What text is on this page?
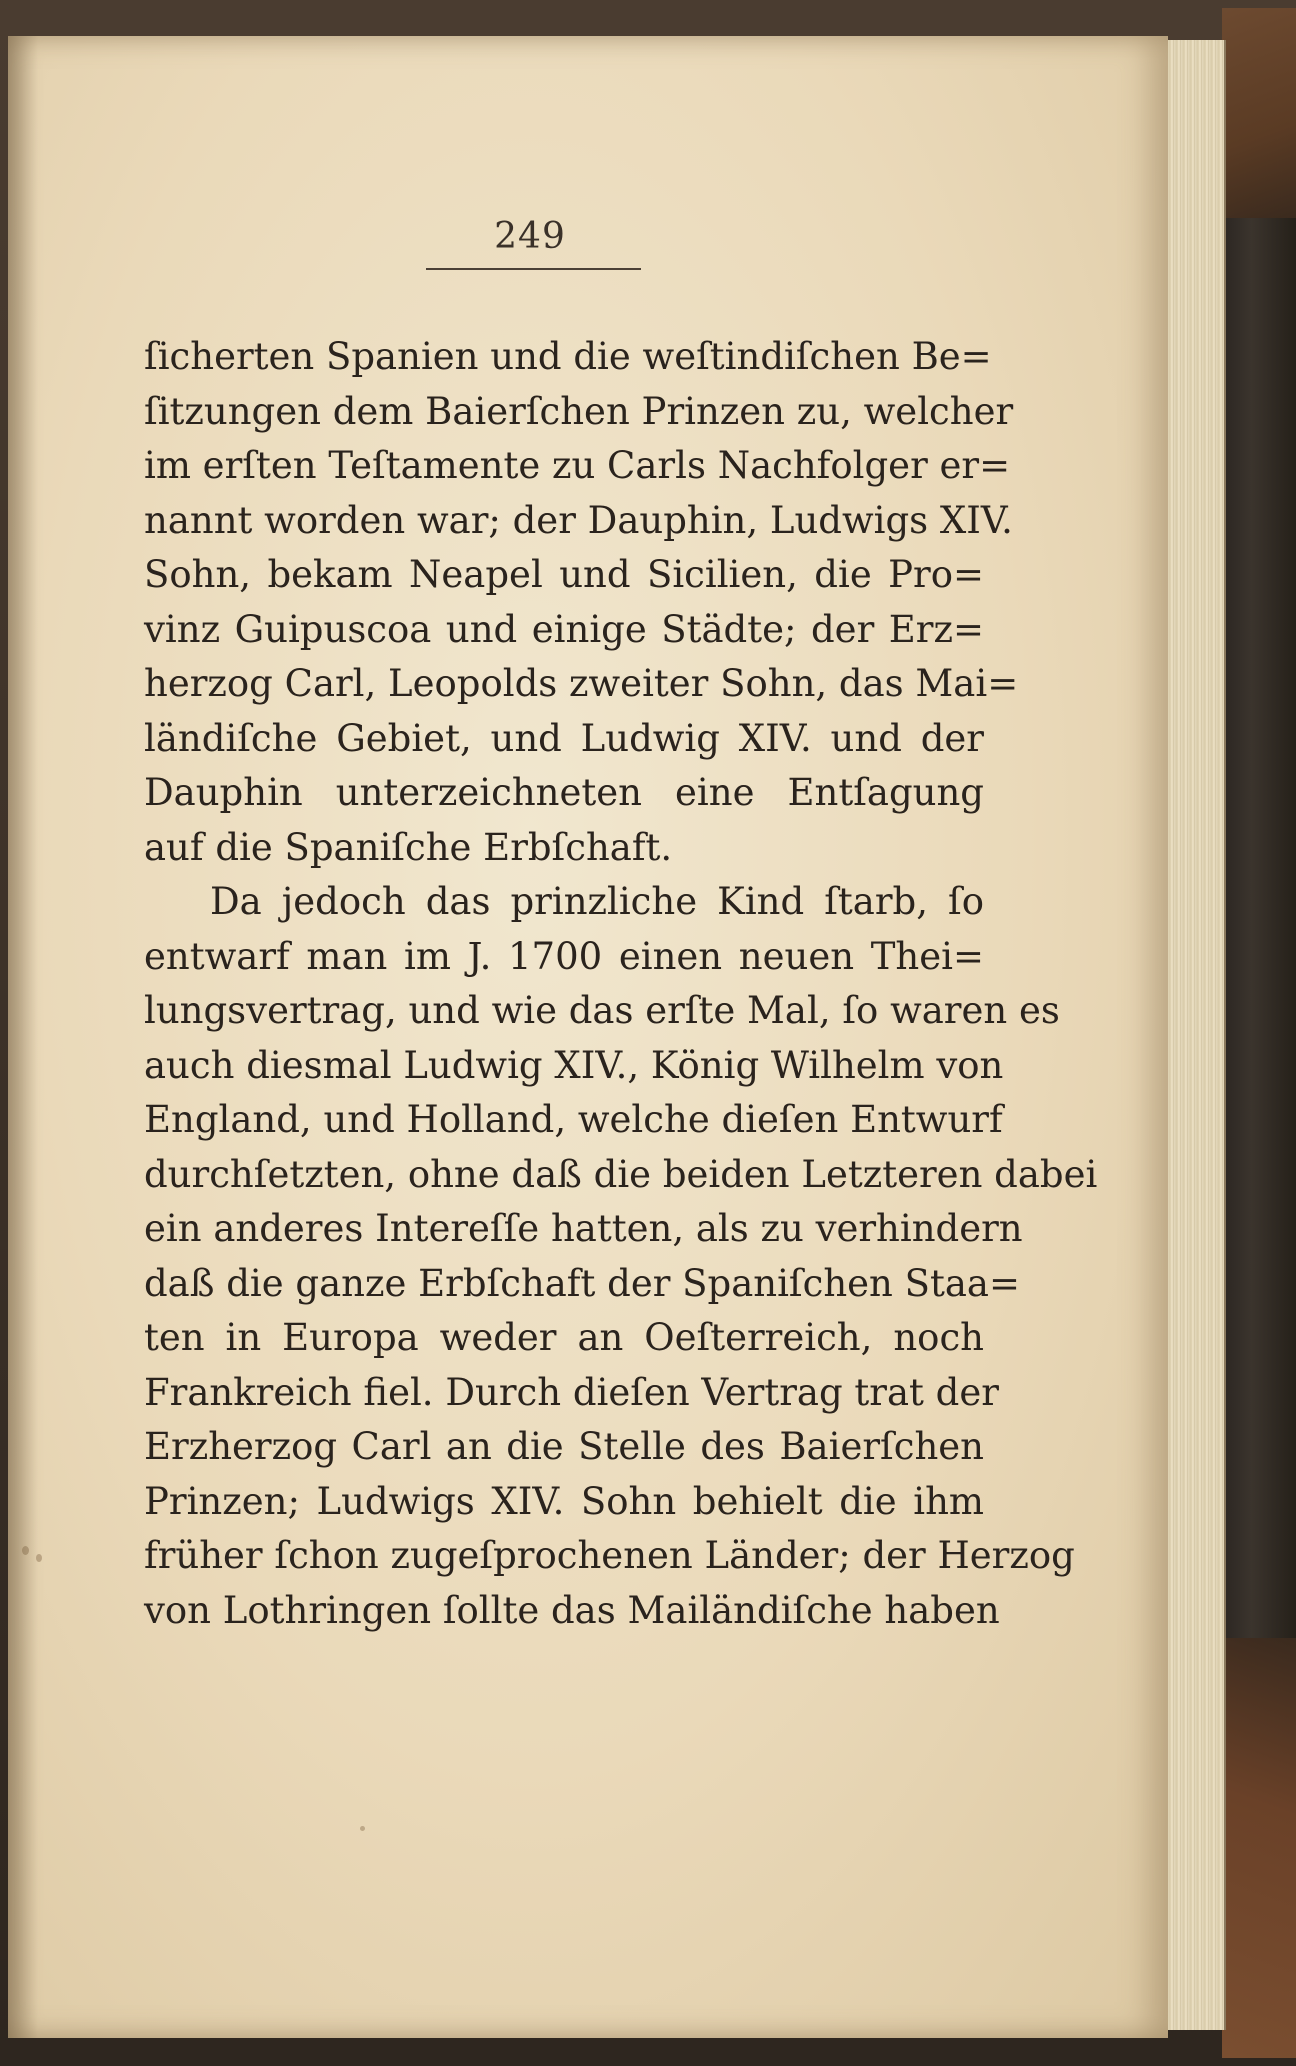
249
ſicherten Spanien und die weſtindiſchen Be=
ſitzungen dem Baierſchen Prinzen zu, welcher
im erſten Teſtamente zu Carls Nachfolger er=
nannt worden war; der Dauphin, Ludwigs XIV.
Sohn, bekam Neapel und Sicilien, die Pro=
vinz Guipuscoa und einige Städte; der Erz=
herzog Carl, Leopolds zweiter Sohn, das Mai=
ländiſche Gebiet, und Ludwig XIV. und der
Dauphin unterzeichneten eine Entſagung
auf die Spaniſche Erbſchaft.
Da jedoch das prinzliche Kind ſtarb, ſo
entwarf man im J. 1700 einen neuen Thei=
lungsvertrag, und wie das erſte Mal, ſo waren es
auch diesmal Ludwig XIV., König Wilhelm von
England, und Holland, welche dieſen Entwurf
durchſetzten, ohne daß die beiden Letzteren dabei
ein anderes Intereſſe hatten, als zu verhindern
daß die ganze Erbſchaft der Spaniſchen Staa=
ten in Europa weder an Oeſterreich, noch
Frankreich fiel. Durch dieſen Vertrag trat der
Erzherzog Carl an die Stelle des Baierſchen
Prinzen; Ludwigs XIV. Sohn behielt die ihm
früher ſchon zugeſprochenen Länder; der Herzog
von Lothringen ſollte das Mailändiſche haben
